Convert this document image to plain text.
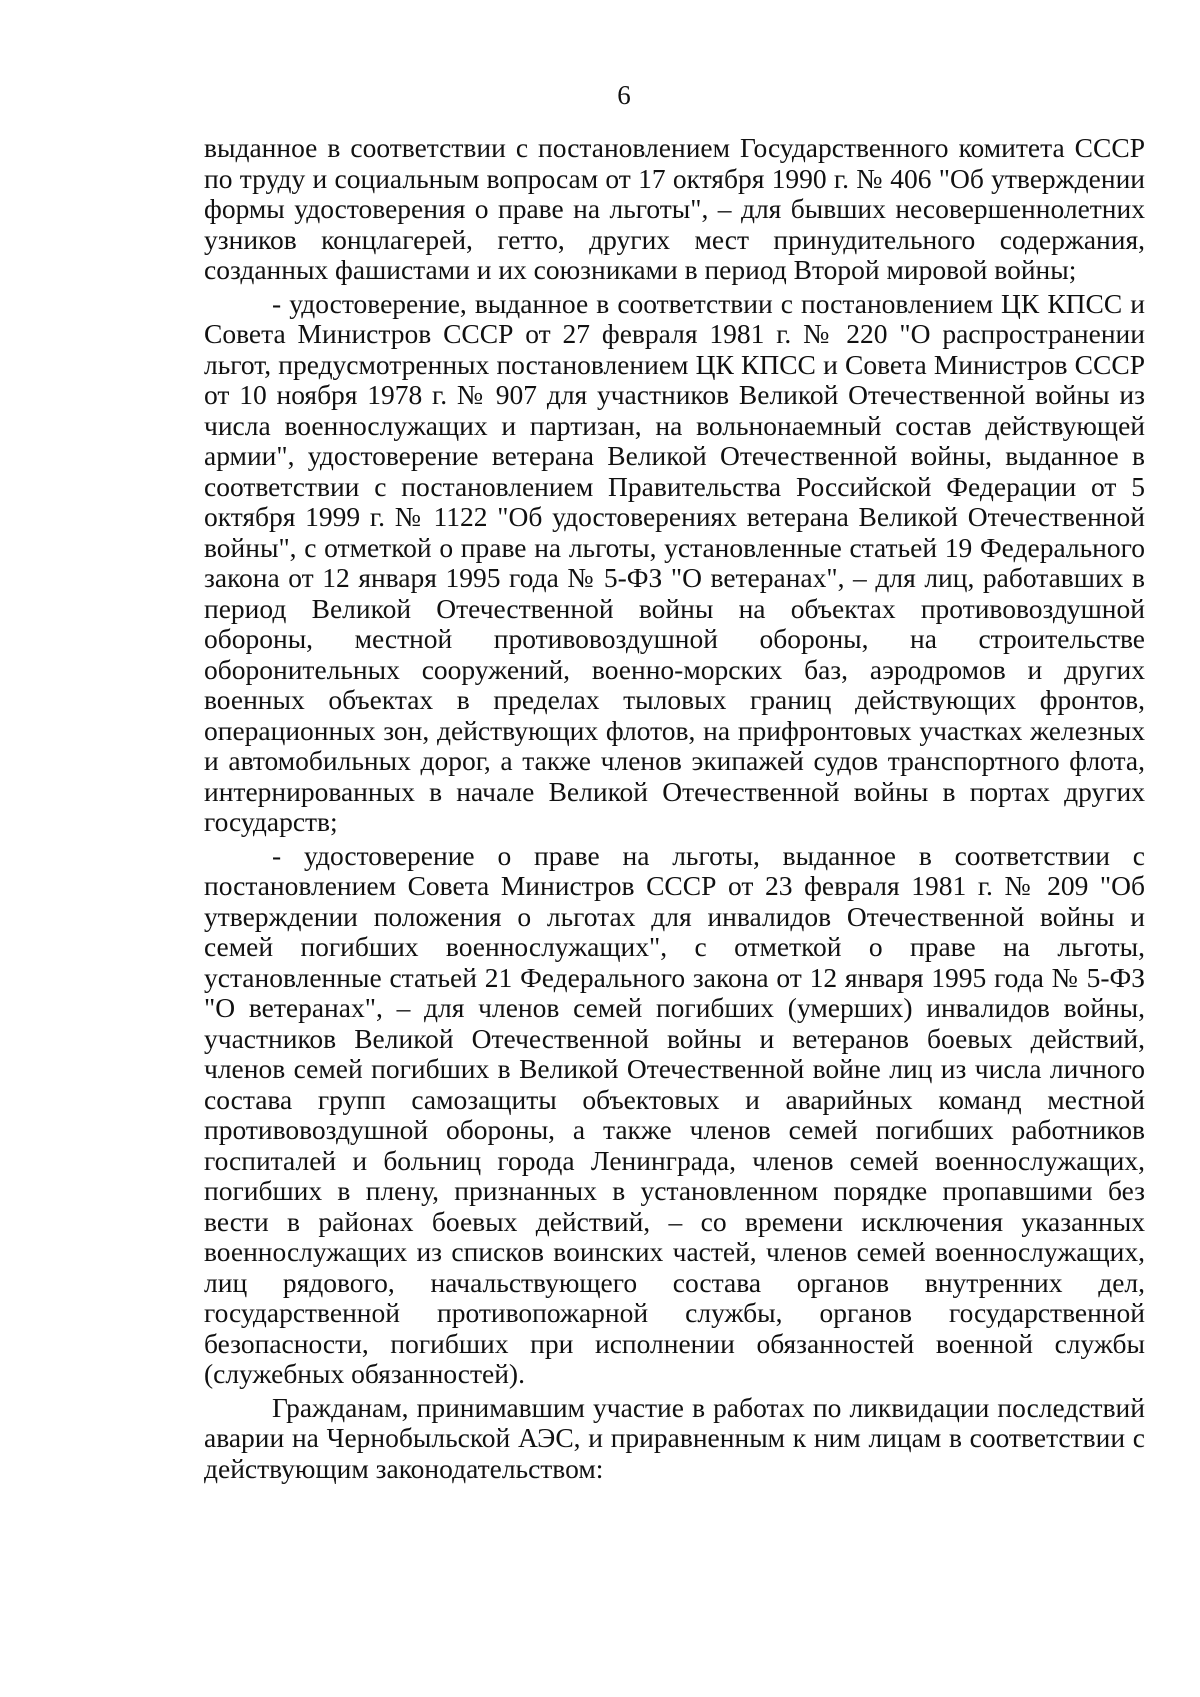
6

выданное в соответствии с постановлением Государственного комитета СССР по труду и социальным вопросам от 17 октября 1990 г. № 406 "Об утверждении формы удостоверения о праве на льготы", – для бывших несовершеннолетних узников концлагерей, гетто, других мест принудительного содержания, созданных фашистами и их союзниками в период Второй мировой войны;

- удостоверение, выданное в соответствии с постановлением ЦК КПСС и Совета Министров СССР от 27 февраля 1981 г. № 220 "О распространении льгот, предусмотренных постановлением ЦК КПСС и Совета Министров СССР от 10 ноября 1978 г. № 907 для участников Великой Отечественной войны из числа военнослужащих и партизан, на вольнонаемный состав действующей армии", удостоверение ветерана Великой Отечественной войны, выданное в соответствии с постановлением Правительства Российской Федерации от 5 октября 1999 г. № 1122 "Об удостоверениях ветерана Великой Отечественной войны", с отметкой о праве на льготы, установленные статьей 19 Федерального закона от 12 января 1995 года № 5-ФЗ "О ветеранах", – для лиц, работавших в период Великой Отечественной войны на объектах противовоздушной обороны, местной противовоздушной обороны, на строительстве оборонительных сооружений, военно-морских баз, аэродромов и других военных объектах в пределах тыловых границ действующих фронтов, операционных зон, действующих флотов, на прифронтовых участках железных и автомобильных дорог, а также членов экипажей судов транспортного флота, интернированных в начале Великой Отечественной войны в портах других государств;

- удостоверение о праве на льготы, выданное в соответствии с постановлением Совета Министров СССР от 23 февраля 1981 г. № 209 "Об утверждении положения о льготах для инвалидов Отечественной войны и семей погибших военнослужащих", с отметкой о праве на льготы, установленные статьей 21 Федерального закона от 12 января 1995 года № 5-ФЗ "О ветеранах", – для членов семей погибших (умерших) инвалидов войны, участников Великой Отечественной войны и ветеранов боевых действий, членов семей погибших в Великой Отечественной войне лиц из числа личного состава групп самозащиты объектовых и аварийных команд местной противовоздушной обороны, а также членов семей погибших работников госпиталей и больниц города Ленинграда, членов семей военнослужащих, погибших в плену, признанных в установленном порядке пропавшими без вести в районах боевых действий, – со времени исключения указанных военнослужащих из списков воинских частей, членов семей военнослужащих, лиц рядового, начальствующего состава органов внутренних дел, государственной противопожарной службы, органов государственной безопасности, погибших при исполнении обязанностей военной службы (служебных обязанностей).

Гражданам, принимавшим участие в работах по ликвидации последствий аварии на Чернобыльской АЭС, и приравненным к ним лицам в соответствии с действующим законодательством:
